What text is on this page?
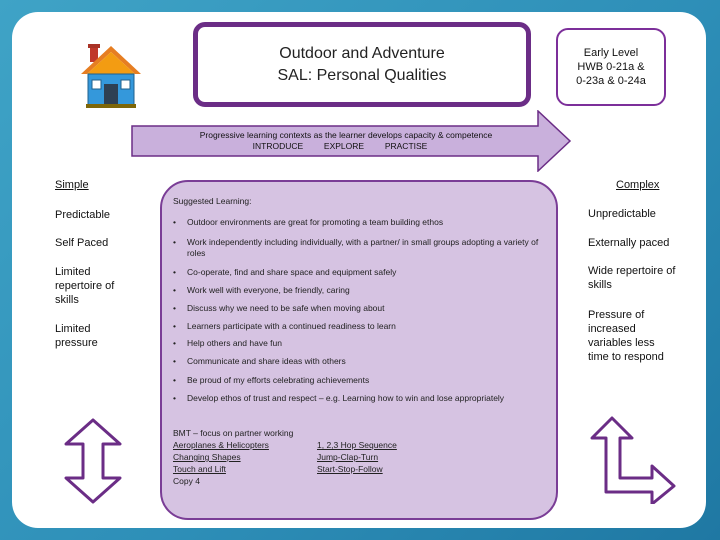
Outdoor and Adventure
SAL: Personal Qualities
Early Level
HWB 0-21a &
0-23a & 0-24a
Progressive learning contexts as the learner develops capacity & competence
INTRODUCE EXPLORE PRACTISE
Simple
Predictable
Self Paced
Limited repertoire of skills
Limited pressure
Complex
Unpredictable
Externally paced
Wide repertoire of skills
Pressure of increased variables less time to respond
Suggested Learning:
• Outdoor environments are great for promoting a team building ethos
• Work independently including individually, with a partner/ in small groups adopting a variety of roles
• Co-operate, find and share space and equipment safely
• Work well with everyone, be friendly, caring
• Discuss why we need to be safe when moving about
• Learners participate with a continued readiness to learn
• Help others and have fun
• Communicate and share ideas with others
• Be proud of my efforts celebrating achievements
• Develop ethos of trust and respect – e.g. Learning how to win and lose appropriately
BMT – focus on partner working
Aeroplanes & Helicopters
Changing Shapes
Touch and Lift
Copy 4
1, 2,3 Hop Sequence
Jump-Clap-Turn
Start-Stop-Follow
